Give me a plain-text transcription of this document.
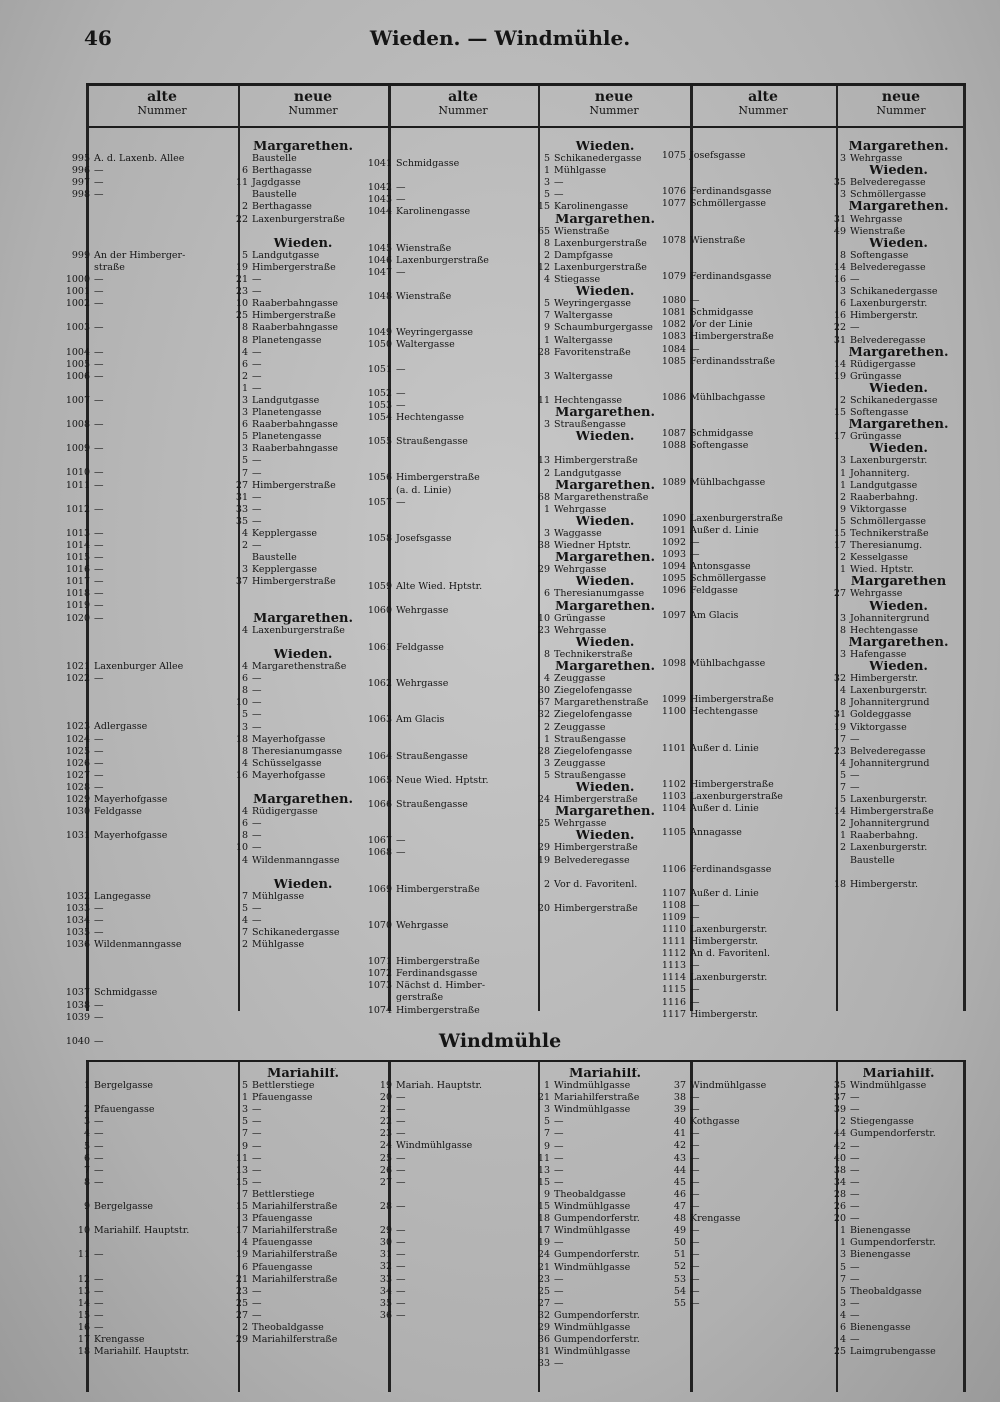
46	Wieden. — Windmühle.
alte
Nummer
neue
Nummer
alte
Nummer
neue
Nummer
alte
Nummer
neue
Nummer
995 A. d. Laxenb. Allee
996 —
997 —
998 —
999 An der Himberger-
straße
1000 —
1001 —
1002 —
1003 —
1004 —
1005 —
1006 —
1007 —
1008 —
1009 —
1010 —
1011 —
1012 —
1013 —
1014 —
1015 —
1016 —
1017 —
1018 —
1019 —
1020 —
1021 Laxenburger Allee
1022 —
1023 Adlergasse
1024 —
1025 —
1026 —
1027 —
1028 —
1029 Mayerhofgasse
1030 Feldgasse
1031 Mayerhofgasse
1032 Langegasse
1033 —
1034 —
1035 —
1036 Wildenmanngasse
1037 Schmidgasse
1038 —
1039 —
1040 —
Margarethen.
Baustelle
6 Berthagasse
11 Jagdgasse
Baustelle
2 Berthagasse
22 Laxenburgerstraße
Wieden.
5 Landgutgasse
19 Himbergerstraße
21 —
23 —
10 Raaberbahngasse
25 Himbergerstraße
8 Raaberbahngasse
8 Planetengasse
4 —
6 —
2 —
1 —
3 Landgutgasse
3 Planetengasse
6 Raaberbahngasse
5 Planetengasse
3 Raaberbahngasse
5 —
7 —
27 Himbergerstraße
31 —
33 —
35 —
4 Kepplergasse
2 —
Baustelle
3 Kepplergasse
37 Himbergerstraße
Margarethen.
4 Laxenburgerstraße
Wieden.
4 Margarethenstraße
6 —
8 —
10 —
5 —
3 —
18 Mayerhofgasse
8 Theresianumgasse
4 Schüsselgasse
16 Mayerhofgasse
Margarethen.
4 Rüdigergasse
6 —
8 —
10 —
4 Wildenmanngasse
Wieden.
7 Mühlgasse
5 —
4 —
7 Schikanedergasse
2 Mühlgasse
1041 Schmidgasse
1042 —
1043 —
1044 Karolinengasse
1045 Wienstraße
1046 Laxenburgerstraße
1047 —
1048 Wienstraße
1049 Weyringergasse
1050 Waltergasse
1051 —
1052 —
1053 —
1054 Hechtengasse
1055 Straußengasse
1056 Himbergerstraße
(a. d. Linie)
1057 —
1058 Josefsgasse
1059 Alte Wied. Hptstr.
1060 Wehrgasse
1061 Feldgasse
1062 Wehrgasse
1063 Am Glacis
1064 Straußengasse
1065 Neue Wied. Hptstr.
1066 Straußengasse
1067 —
1068 —
1069 Himbergerstraße
1070 Wehrgasse
1071 Himbergerstraße
1072 Ferdinandsgasse
1073 Nächst d. Himber-
gerstraße
1074 Himbergerstraße
Wieden.
5 Schikanedergasse
1 Mühlgasse
3 —
5 —
15 Karolinengasse
Margarethen.
65 Wienstraße
8 Laxenburgerstraße
2 Dampfgasse
12 Laxenburgerstraße
4 Stiegasse
Wieden.
5 Weyringergasse
7 Waltergasse
9 Schaumburgergasse
1 Waltergasse
28 Favoritenstraße
3 Waltergasse
11 Hechtengasse
Margarethen.
3 Straußengasse
Wieden.
13 Himbergerstraße
2 Landgutgasse
Margarethen.
68 Margarethenstraße
1 Wehrgasse
Wieden.
3 Waggasse
38 Wiedner Hptstr.
Margarethen.
29 Wehrgasse
Wieden.
6 Theresianumgasse
Margarethen.
10 Grüngasse
23 Wehrgasse
Wieden.
8 Technikerstraße
Margarethen.
4 Zeuggasse
30 Ziegelofengasse
67 Margarethenstraße
32 Ziegelofengasse
2 Zeuggasse
1 Straußengasse
28 Ziegelofengasse
3 Zeuggasse
5 Straußengasse
Wieden.
24 Himbergerstraße
Margarethen.
25 Wehrgasse
Wieden.
29 Himbergerstraße
19 Belvederegasse
2 Vor d. Favoritenl.
20 Himbergerstraße
1075 Josefsgasse
1076 Ferdinandsgasse
1077 Schmöllergasse
1078 Wienstraße
1079 Ferdinandsgasse
1080 —
1081 Schmidgasse
1082 Vor der Linie
1083 Himbergerstraße
1084 —
1085 Ferdinandsstraße
1086 Mühlbachgasse
1087 Schmidgasse
1088 Softengasse
1089 Mühlbachgasse
1090 Laxenburgerstraße
1091 Außer d. Linie
1092 —
1093 —
1094 Antonsgasse
1095 Schmöllergasse
1096 Feldgasse
1097 Am Glacis
1098 Mühlbachgasse
1099 Himbergerstraße
1100 Hechtengasse
1101 Außer d. Linie
1102 Himbergerstraße
1103 Laxenburgerstraße
1104 Außer d. Linie
1105 Annagasse
1106 Ferdinandsgasse
1107 Außer d. Linie
1108 —
1109 —
1110 Laxenburgerstr.
1111 Himbergerstr.
1112 An d. Favoritenl.
1113 —
1114 Laxenburgerstr.
1115 —
1116 —
1117 Himbergerstr.
Margarethen.
3 Wehrgasse
Wieden.
35 Belvederegasse
3 Schmöllergasse
Margarethen.
31 Wehrgasse
49 Wienstraße
Wieden.
8 Softengasse
14 Belvederegasse
16 —
3 Schikanedergasse
6 Laxenburgerstr.
16 Himbergerstr.
22 —
31 Belvederegasse
Margarethen.
14 Rüdigergasse
19 Grüngasse
Wieden.
2 Schikanedergasse
15 Softengasse
Margarethen.
17 Grüngasse
Wieden.
3 Laxenburgerstr.
1 Johanniterg.
1 Landgutgasse
2 Raaberbahng.
9 Viktorgasse
5 Schmöllergasse
15 Technikerstraße
17 Theresianumg.
2 Kesselgasse
1 Wied. Hptstr.
Margarethen
27 Wehrgasse
Wieden.
3 Johannitergrund
8 Hechtengasse
Margarethen.
3 Hafengasse
Wieden.
32 Himbergerstr.
4 Laxenburgerstr.
8 Johannitergrund
31 Goldeggasse
19 Viktorgasse
7 —
23 Belvederegasse
4 Johannitergrund
5 —
7 —
5 Laxenburgerstr.
14 Himbergerstraße
2 Johannitergrund
1 Raaberbahng.
2 Laxenburgerstr.
Baustelle
18 Himbergerstr.
Windmühle
1 Bergelgasse
2 Pfauengasse
3 —
4 —
5 —
6 —
7 —
8 —
9 Bergelgasse
10 Mariahilf. Hauptstr.
11 —
12 —
13 —
14 —
15 —
16 —
17 Krengasse
18 Mariahilf. Hauptstr.
Mariahilf.
5 Bettlerstiege
1 Pfauengasse
3 —
5 —
7 —
9 —
11 —
13 —
15 —
7 Bettlerstiege
15 Mariahilferstraße
3 Pfauengasse
17 Mariahilferstraße
4 Pfauengasse
19 Mariahilferstraße
6 Pfauengasse
21 Mariahilferstraße
23 —
25 —
27 —
2 Theobaldgasse
29 Mariahilferstraße
19 Mariah. Hauptstr.
20 —
21 —
22 —
23 —
24 Windmühlgasse
25 —
26 —
27 —
28 —
29 —
30 —
31 —
32 —
33 —
34 —
35 —
36 —
Mariahilf.
1 Windmühlgasse
21 Mariahilferstraße
3 Windmühlgasse
5 —
7 —
9 —
11 —
13 —
15 —
9 Theobaldgasse
15 Windmühlgasse
18 Gumpendorferstr.
17 Windmühlgasse
19 —
24 Gumpendorferstr.
21 Windmühlgasse
23 —
25 —
27 —
32 Gumpendorferstr.
29 Windmühlgasse
36 Gumpendorferstr.
31 Windmühlgasse
33 —
37 Windmühlgasse
38 —
39 —
40 Kothgasse
41 —
42 —
43 —
44 —
45 —
46 —
47 —
48 Krengasse
49 —
50 —
51 —
52 —
53 —
54 —
55 —
Mariahilf.
35 Windmühlgasse
37 —
39 —
2 Stiegengasse
44 Gumpendorferstr.
42 —
40 —
38 —
34 —
28 —
26 —
20 —
1 Bienengasse
1 Gumpendorferstr.
3 Bienengasse
5 —
7 —
5 Theobaldgasse
3 —
4 —
6 Bienengasse
4 —
25 Laimgrubengasse
